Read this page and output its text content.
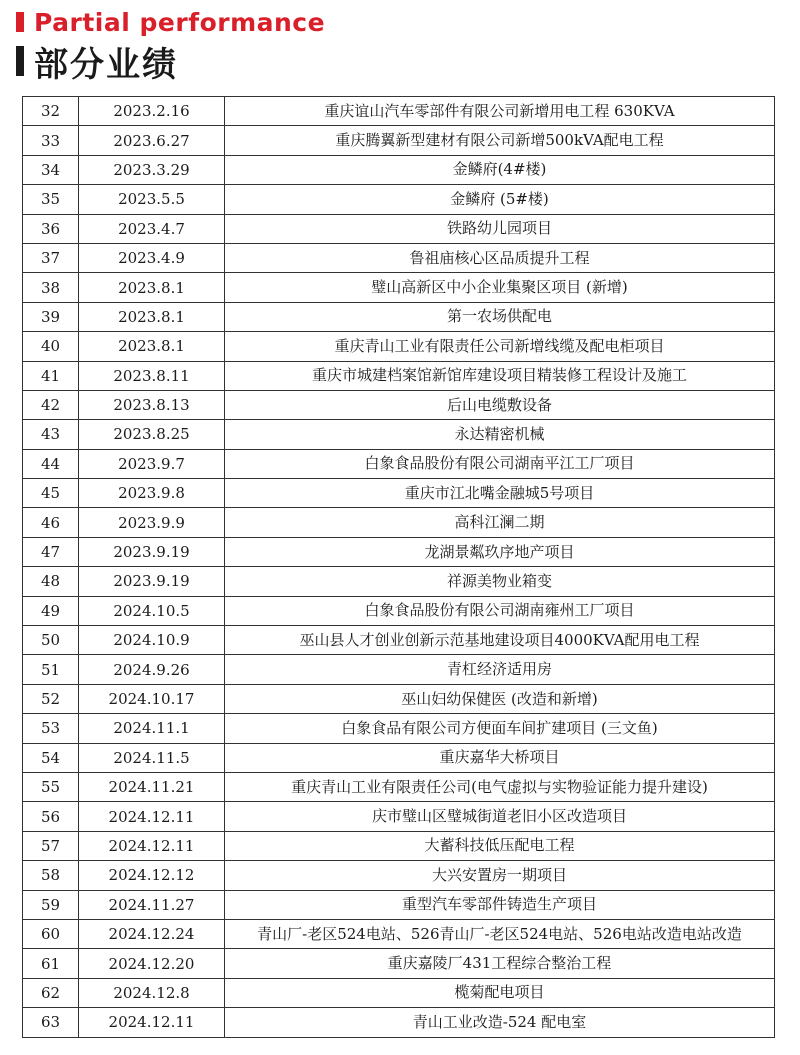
Partial performance
部分业绩
32	2023.2.16	重庆谊山汽车零部件有限公司新增用电工程 630KVA
33	2023.6.27	重庆腾翼新型建材有限公司新增500kVA配电工程
34	2023.3.29	金鳞府(4#楼)
35	2023.5.5	金鳞府 (5#楼)
36	2023.4.7	铁路幼儿园项目
37	2023.4.9	鲁祖庙核心区品质提升工程
38	2023.8.1	璧山高新区中小企业集聚区项目 (新增)
39	2023.8.1	第一农场供配电
40	2023.8.1	重庆青山工业有限责任公司新增线缆及配电柜项目
41	2023.8.11	重庆市城建档案馆新馆库建设项目精装修工程设计及施工
42	2023.8.13	后山电缆敷设备
43	2023.8.25	永达精密机械
44	2023.9.7	白象食品股份有限公司湖南平江工厂项目
45	2023.9.8	重庆市江北嘴金融城5号项目
46	2023.9.9	高科江澜二期
47	2023.9.19	龙湖景粼玖序地产项目
48	2023.9.19	祥源美物业箱变
49	2024.10.5	白象食品股份有限公司湖南雍州工厂项目
50	2024.10.9	巫山县人才创业创新示范基地建设项目4000KVA配用电工程
51	2024.9.26	青杠经济适用房
52	2024.10.17	巫山妇幼保健医 (改造和新增)
53	2024.11.1	白象食品有限公司方便面车间扩建项目 (三文鱼)
54	2024.11.5	重庆嘉华大桥项目
55	2024.11.21	重庆青山工业有限责任公司(电气虚拟与实物验证能力提升建设)
56	2024.12.11	庆市璧山区璧城街道老旧小区改造项目
57	2024.12.11	大蓄科技低压配电工程
58	2024.12.12	大兴安置房一期项目
59	2024.11.27	重型汽车零部件铸造生产项目
60	2024.12.24	青山厂-老区524电站、526青山厂-老区524电站、526电站改造电站改造
61	2024.12.20	重庆嘉陵厂431工程综合整治工程
62	2024.12.8	榄菊配电项目
63	2024.12.11	青山工业改造-524 配电室
